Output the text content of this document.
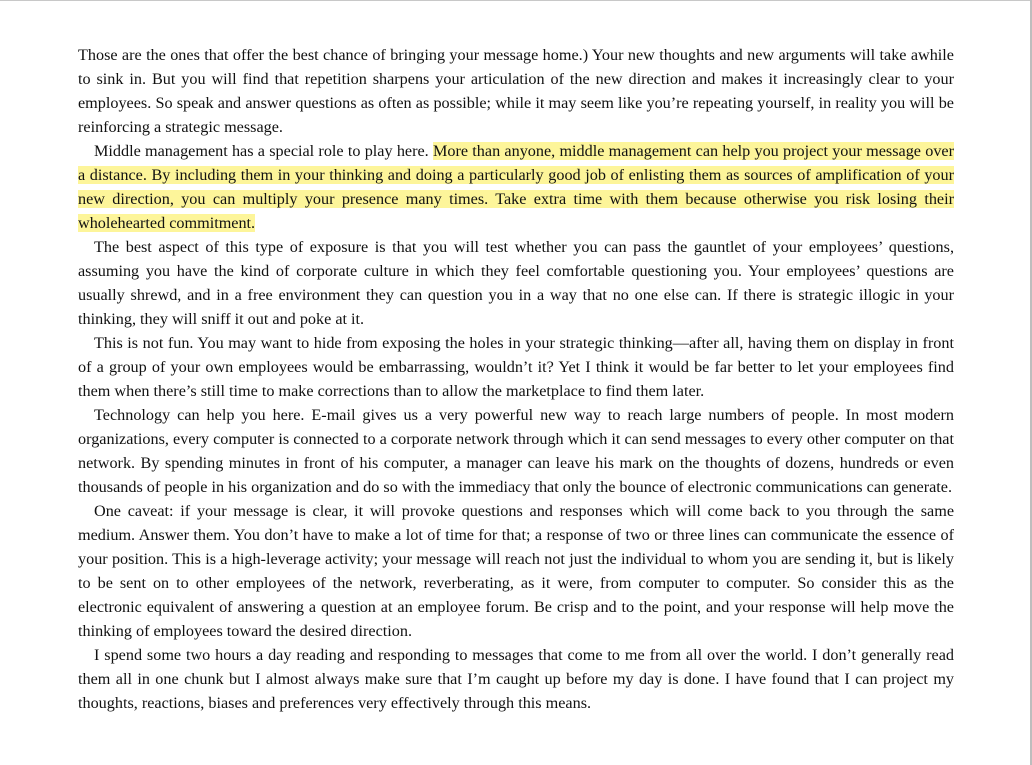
Those are the ones that offer the best chance of bringing your message home.) Your new thoughts and new arguments will take awhile to sink in. But you will find that repetition sharpens your articulation of the new direction and makes it increasingly clear to your employees. So speak and answer questions as often as possible; while it may seem like you’re repeating yourself, in reality you will be reinforcing a strategic message.

Middle management has a special role to play here. More than anyone, middle management can help you project your message over a distance. By including them in your thinking and doing a particularly good job of enlisting them as sources of amplification of your new direction, you can multiply your presence many times. Take extra time with them because otherwise you risk losing their wholehearted commitment.

The best aspect of this type of exposure is that you will test whether you can pass the gauntlet of your employees’ questions, assuming you have the kind of corporate culture in which they feel comfortable questioning you. Your employees’ questions are usually shrewd, and in a free environment they can question you in a way that no one else can. If there is strategic illogic in your thinking, they will sniff it out and poke at it.

This is not fun. You may want to hide from exposing the holes in your strategic thinking—after all, having them on display in front of a group of your own employees would be embarrassing, wouldn’t it? Yet I think it would be far better to let your employees find them when there’s still time to make corrections than to allow the marketplace to find them later.

Technology can help you here. E-mail gives us a very powerful new way to reach large numbers of people. In most modern organizations, every computer is connected to a corporate network through which it can send messages to every other computer on that network. By spending minutes in front of his computer, a manager can leave his mark on the thoughts of dozens, hundreds or even thousands of people in his organization and do so with the immediacy that only the bounce of electronic communications can generate.

One caveat: if your message is clear, it will provoke questions and responses which will come back to you through the same medium. Answer them. You don’t have to make a lot of time for that; a response of two or three lines can communicate the essence of your position. This is a high-leverage activity; your message will reach not just the individual to whom you are sending it, but is likely to be sent on to other employees of the network, reverberating, as it were, from computer to computer. So consider this as the electronic equivalent of answering a question at an employee forum. Be crisp and to the point, and your response will help move the thinking of employees toward the desired direction.

I spend some two hours a day reading and responding to messages that come to me from all over the world. I don’t generally read them all in one chunk but I almost always make sure that I’m caught up before my day is done. I have found that I can project my thoughts, reactions, biases and preferences very effectively through this means.
